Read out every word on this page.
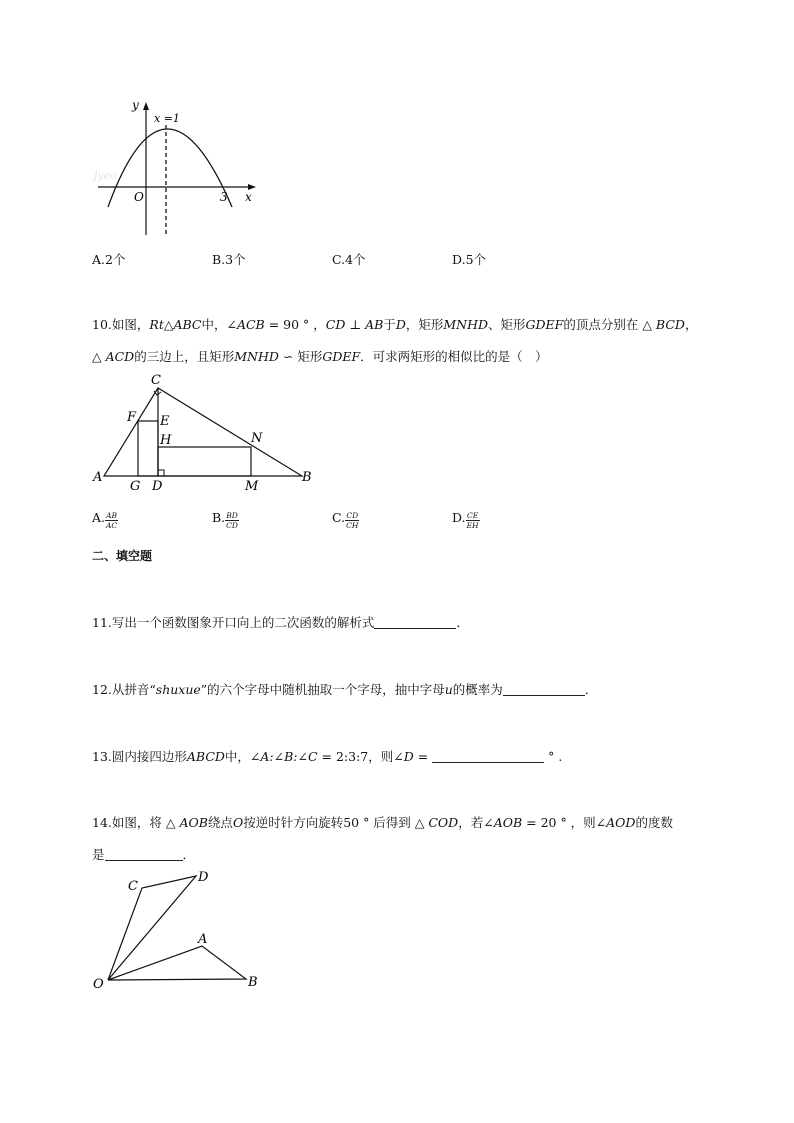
jyeo
y
x
O
x =1
3
A.2个	B.3个	C.4个	D.5个
10.如图，Rt△ABC中，∠ACB = 90 ° ，CD ⊥ AB于D，矩形MNHD、矩形GDEF的顶点分别在 △ BCD，
△ ACD的三边上，且矩形MNHD ∽ 矩形GDEF．可求两矩形的相似比的是（　）
C
F E
H	N
A
G D	M
B
A. $\frac{AB}{AC}$	B. $\frac{BD}{CD}$	C. $\frac{CD}{CH}$	D. $\frac{CE}{EH}$
二、填空题
11.写出一个函数图象开口向上的二次函数的解析式	．
12.从拼音“shuxue”的六个字母中随机抽取一个字母，抽中字母u的概率为	．
13.圆内接四边形ABCD中，∠A:∠B:∠C = 2:3:7，则∠D =	° .
14.如图，将 △ AOB绕点O按逆时针方向旋转50 ° 后得到 △ COD，若∠AOB = 20 ° ，则∠AOD的度数
是	．
C
D
A
O	B
